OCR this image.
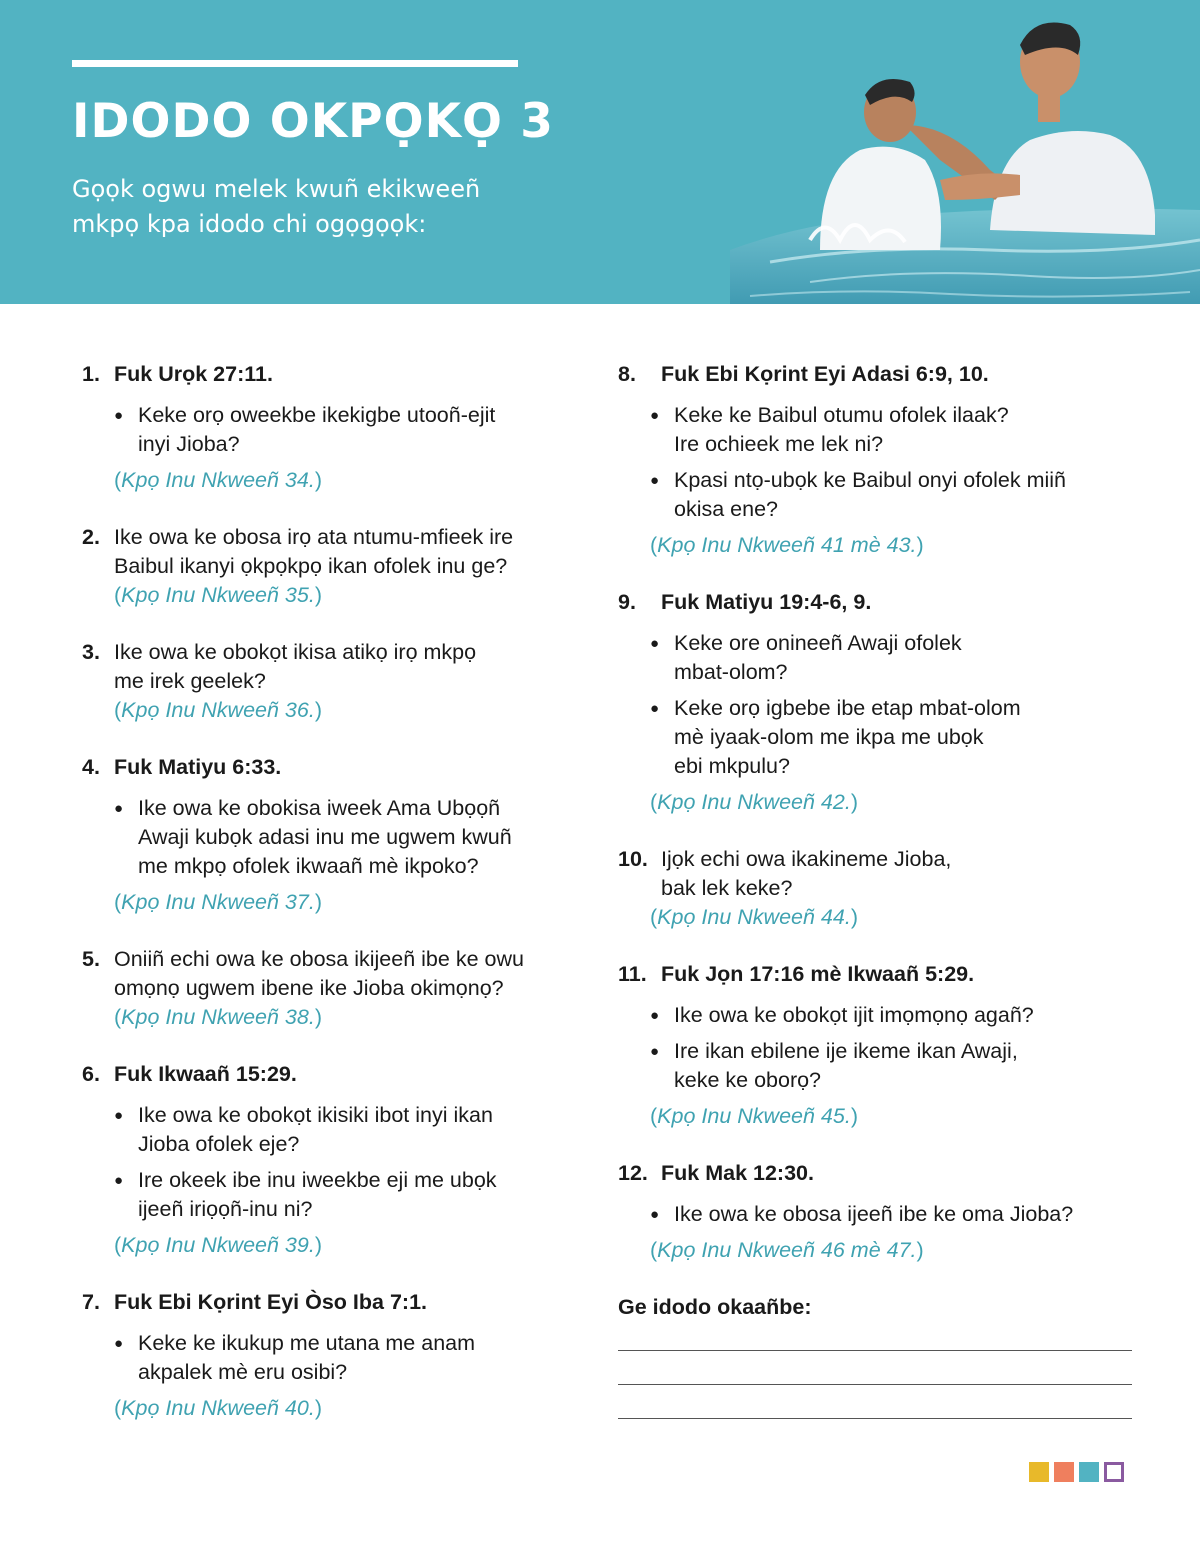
IDODO OKPỌKỌ 3

Gọọk ogwu melek kwuñ ekikweeñ
mkpọ kpa idodo chi ogọgọọk:

1. Fuk Urọk 27:11.
● Keke orọ oweekbe ikekigbe utooñ-ejit
inyi Jioba?
(Kpọ Inu Nkweeñ 34.)
2. Ike owa ke obosa irọ ata ntumu-mfieek ire
Baibul ikanyi ọkpọkpọ ikan ofolek inu ge?
(Kpọ Inu Nkweeñ 35.)
3. Ike owa ke obokọt ikisa atikọ irọ mkpọ
me irek geelek?
(Kpọ Inu Nkweeñ 36.)
4. Fuk Matiyu 6:33.
● Ike owa ke obokisa iweek Ama Ubọọñ
Awaji kubọk adasi inu me ugwem kwuñ
me mkpọ ofolek ikwaañ mè ikpoko?
(Kpọ Inu Nkweeñ 37.)
5. Oniiñ echi owa ke obosa ikijeeñ ibe ke owu
omọnọ ugwem ibene ike Jioba okimọnọ?
(Kpọ Inu Nkweeñ 38.)
6. Fuk Ikwaañ 15:29.
● Ike owa ke obokọt ikisiki ibot inyi ikan
Jioba ofolek eje?
● Ire okeek ibe inu iweekbe eji me ubọk
ijeeñ iriọọñ-inu ni?
(Kpọ Inu Nkweeñ 39.)
7. Fuk Ebi Kọrint Eyi Òso Iba 7:1.
● Keke ke ikukup me utana me anam
akpalek mè eru osibi?
(Kpọ Inu Nkweeñ 40.)
8.	Fuk Ebi Kọrint Eyi Adasi 6:9, 10.
● Keke ke Baibul otumu ofolek ilaak?
Ire ochieek me lek ni?
● Kpasi ntọ-ubọk ke Baibul onyi ofolek miiñ
okisa ene?
(Kpọ Inu Nkweeñ 41 mè 43.)
9.	Fuk Matiyu 19:4-6, 9.
● Keke ore onineeñ Awaji ofolek
mbat-olom?
● Keke orọ igbebe ibe etap mbat-olom
mè iyaak-olom me ikpa me ubọk
ebi mkpulu?
(Kpọ Inu Nkweeñ 42.)
10. Ijọk echi owa ikakineme Jioba,
bak lek keke?
(Kpọ Inu Nkweeñ 44.)
11. Fuk Jọn 17:16 mè Ikwaañ 5:29.
● Ike owa ke obokọt ijit imọmọnọ agañ?
● Ire ikan ebilene ije ikeme ikan Awaji,
keke ke oborọ?
(Kpọ Inu Nkweeñ 45.)
12. Fuk Mak 12:30.
● Ike owa ke obosa ijeeñ ibe ke oma Jioba?
(Kpọ Inu Nkweeñ 46 mè 47.)
Ge idodo okaañbe:
